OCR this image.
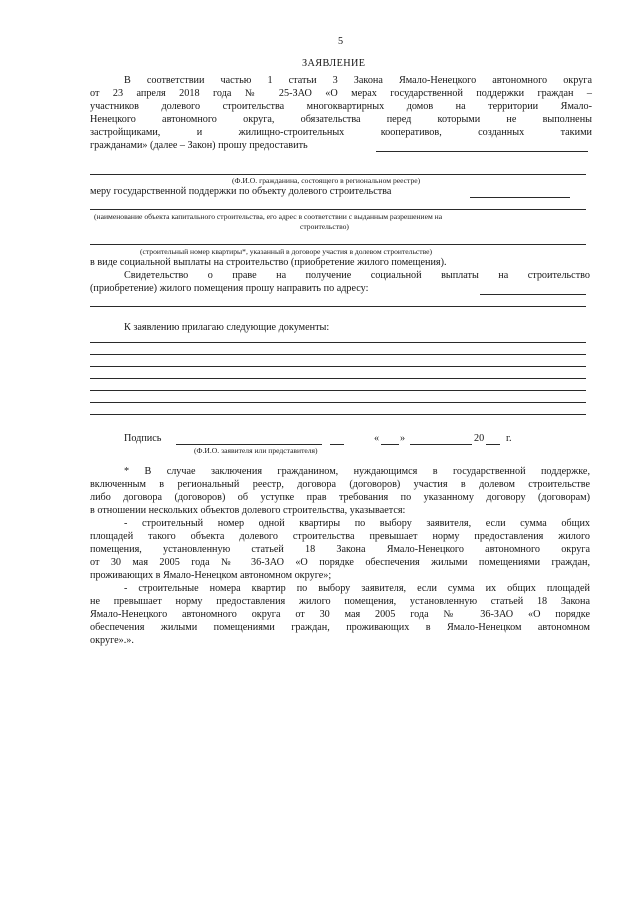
5
ЗАЯВЛЕНИЕ
В соответствии частью 1 статьи 3 Закона Ямало-Ненецкого автономного округа
от 23 апреля 2018 года № 25-ЗАО «О мерах государственной поддержки граждан –
участников долевого строительства многоквартирных домов на территории Ямало-
Ненецкого автономного округа, обязательства перед которыми не выполнены
застройщиками, и жилищно-строительных кооперативов, созданных такими
гражданами» (далее – Закон) прошу предоставить
(Ф.И.О. гражданина, состоящего в региональном реестре)
меру государственной поддержки по объекту долевого строительства
(наименование объекта капитального строительства, его адрес в соответствии с выданным разрешением на
строительство)
(строительный номер квартиры*, указанный в договоре участия в долевом строительстве)
в виде социальной выплаты на строительство (приобретение жилого помещения).
Свидетельство о праве на получение социальной выплаты на строительство
(приобретение) жилого помещения прошу направить по адресу:
К заявлению прилагаю следующие документы:
Подпись	« »	20 г.
(Ф.И.О. заявителя или представителя)
* В случае заключения гражданином, нуждающимся в государственной поддержке,
включенным в региональный реестр, договора (договоров) участия в долевом строительстве
либо договора (договоров) об уступке прав требования по указанному договору (договорам)
в отношении нескольких объектов долевого строительства, указывается:
- строительный номер одной квартиры по выбору заявителя, если сумма общих
площадей такого объекта долевого строительства превышает норму предоставления жилого
помещения, установленную статьей 18 Закона Ямало-Ненецкого автономного округа
от 30 мая 2005 года № 36-ЗАО «О порядке обеспечения жилыми помещениями граждан,
проживающих в Ямало-Ненецком автономном округе»;
- строительные номера квартир по выбору заявителя, если сумма их общих площадей
не превышает норму предоставления жилого помещения, установленную статьей 18 Закона
Ямало-Ненецкого автономного округа от 30 мая 2005 года № 36-ЗАО «О порядке
обеспечения жилыми помещениями граждан, проживающих в Ямало-Ненецком автономном
округе».».
